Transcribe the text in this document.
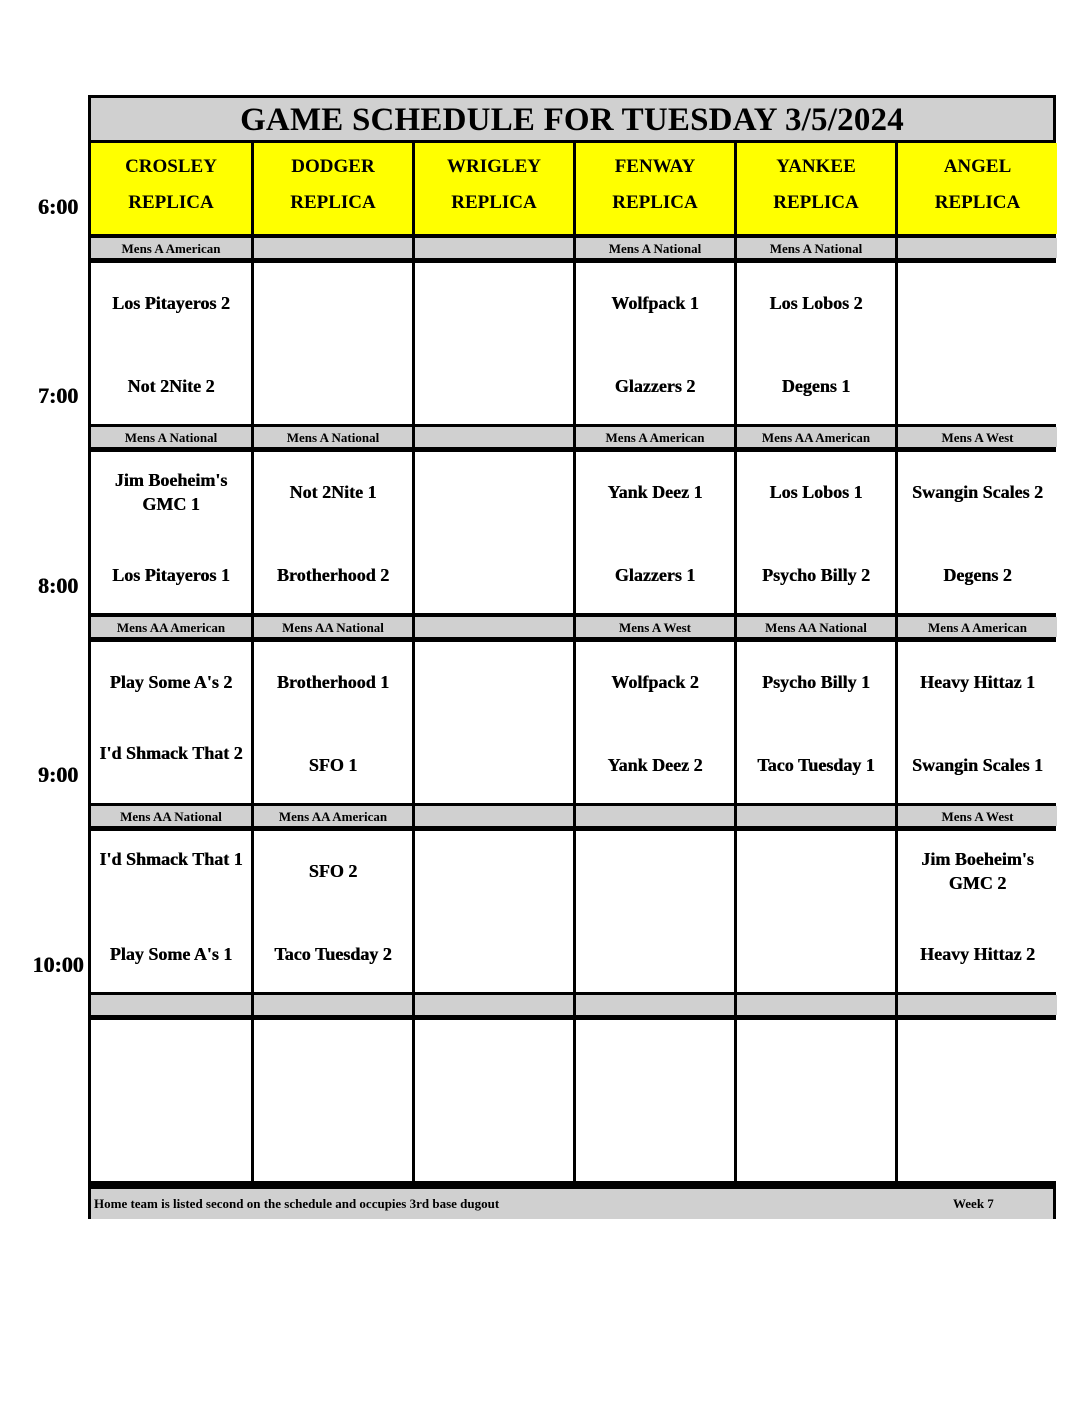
6:00
7:00
8:00
9:00
10:00
GAME SCHEDULE FOR TUESDAY 3/5/2024
Home team is listed second on the schedule and occupies 3rd base dugout	Week 7
CROSLEY
REPLICA
DODGER
REPLICA
WRIGLEY
REPLICA
FENWAY
REPLICA
YANKEE
REPLICA
ANGEL
REPLICA
Mens A American
Los Pitayeros 2
Not 2Nite 2
Mens A National
Wolfpack 1
Glazzers 2
Mens A National
Los Lobos 2
Degens 1
Mens A National
Jim Boeheim's GMC 1
Los Pitayeros 1
Mens A National
Not 2Nite 1
Brotherhood 2
Mens A American
Yank Deez 1
Glazzers 1
Mens AA American
Los Lobos 1
Psycho Billy 2
Mens A West
Swangin Scales 2
Degens 2
Mens AA American
Play Some A's 2
I'd Shmack That 2
Mens AA National
Brotherhood 1
SFO 1
Mens A West
Wolfpack 2
Yank Deez 2
Mens AA National
Psycho Billy 1
Taco Tuesday 1
Mens A American
Heavy Hittaz 1
Swangin Scales 1
Mens AA National
I'd Shmack That 1
Play Some A's 1
Mens AA American
SFO 2
Taco Tuesday 2
Mens A West
Jim Boeheim's GMC 2
Heavy Hittaz 2
